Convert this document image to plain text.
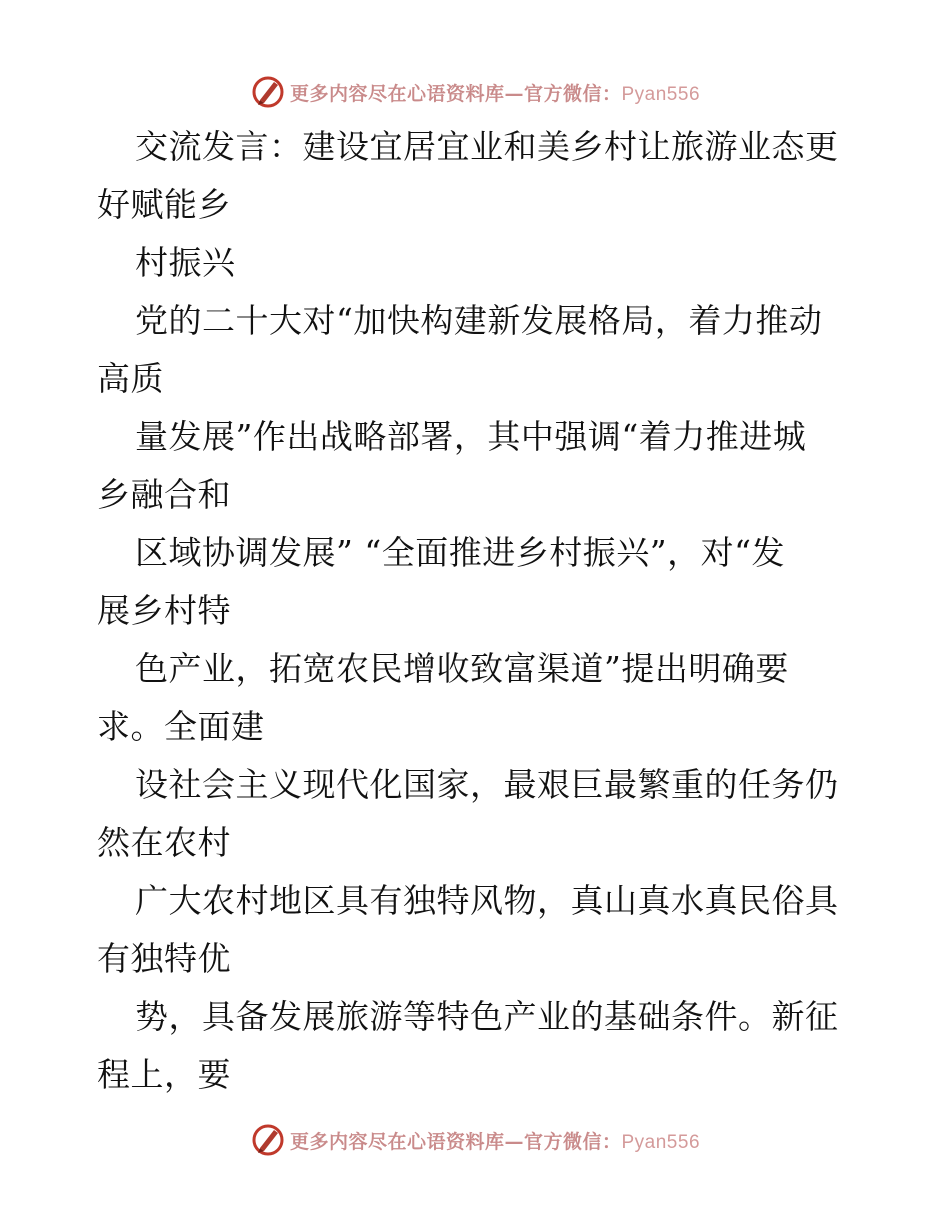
更多内容尽在心语资料库—官方微信：Pyan556
交流发言：建设宜居宜业和美乡村让旅游业态更
好赋能乡
村振兴
党的二十大对“加快构建新发展格局，着力推动
高质
量发展”作出战略部署，其中强调“着力推进城
乡融合和
区域协调发展” “全面推进乡村振兴”，对“发
展乡村特
色产业，拓宽农民增收致富渠道”提出明确要
求。全面建
设社会主义现代化国家，最艰巨最繁重的任务仍
然在农村
广大农村地区具有独特风物，真山真水真民俗具
有独特优
势，具备发展旅游等特色产业的基础条件。新征
程上，要
更多内容尽在心语资料库—官方微信：Pyan556
